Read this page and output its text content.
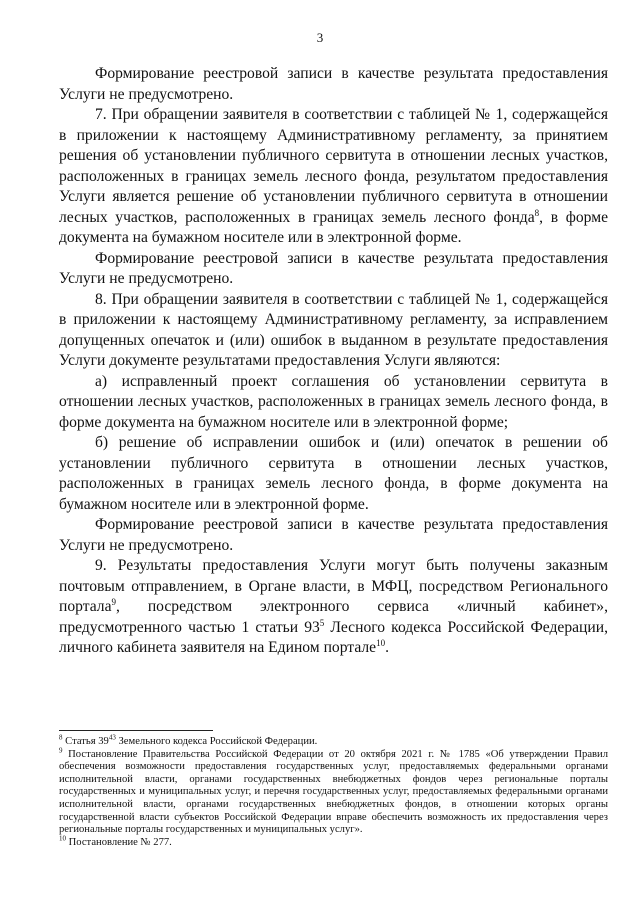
3

Формирование реестровой записи в качестве результата предоставления Услуги не предусмотрено.

7. При обращении заявителя в соответствии с таблицей № 1, содержащейся в приложении к настоящему Административному регламенту, за принятием решения об установлении публичного сервитута в отношении лесных участков, расположенных в границах земель лесного фонда, результатом предоставления Услуги является решение об установлении публичного сервитута в отношении лесных участков, расположенных в границах земель лесного фонда$^8$, в форме документа на бумажном носителе или в электронной форме.

Формирование реестровой записи в качестве результата предоставления Услуги не предусмотрено.

8. При обращении заявителя в соответствии с таблицей № 1, содержащейся в приложении к настоящему Административному регламенту, за исправлением допущенных опечаток и (или) ошибок в выданном в результате предоставления Услуги документе результатами предоставления Услуги являются:

а) исправленный проект соглашения об установлении сервитута в отношении лесных участков, расположенных в границах земель лесного фонда, в форме документа на бумажном носителе или в электронной форме;

б) решение об исправлении ошибок и (или) опечаток в решении об установлении публичного сервитута в отношении лесных участков, расположенных в границах земель лесного фонда, в форме документа на бумажном носителе или в электронной форме.

Формирование реестровой записи в качестве результата предоставления Услуги не предусмотрено.

9. Результаты предоставления Услуги могут быть получены заказным почтовым отправлением, в Органе власти, в МФЦ, посредством Регионального портала$^9$, посредством электронного сервиса «личный кабинет», предусмотренного частью 1 статьи $93^5$ Лесного кодекса Российской Федерации, личного кабинета заявителя на Едином портале$^{10}$.

$^8$ Статья $39^{43}$ Земельного кодекса Российской Федерации.

$^9$ Постановление Правительства Российской Федерации от 20 октября 2021 г. № 1785 «Об утверждении Правил обеспечения возможности предоставления государственных услуг, предоставляемых федеральными органами исполнительной власти, органами государственных внебюджетных фондов через региональные порталы государственных и муниципальных услуг, и перечня государственных услуг, предоставляемых федеральными органами исполнительной власти, органами государственных внебюджетных фондов, в отношении которых органы государственной власти субъектов Российской Федерации вправе обеспечить возможность их предоставления через региональные порталы государственных и муниципальных услуг».

$^{10}$ Постановление № 277.
